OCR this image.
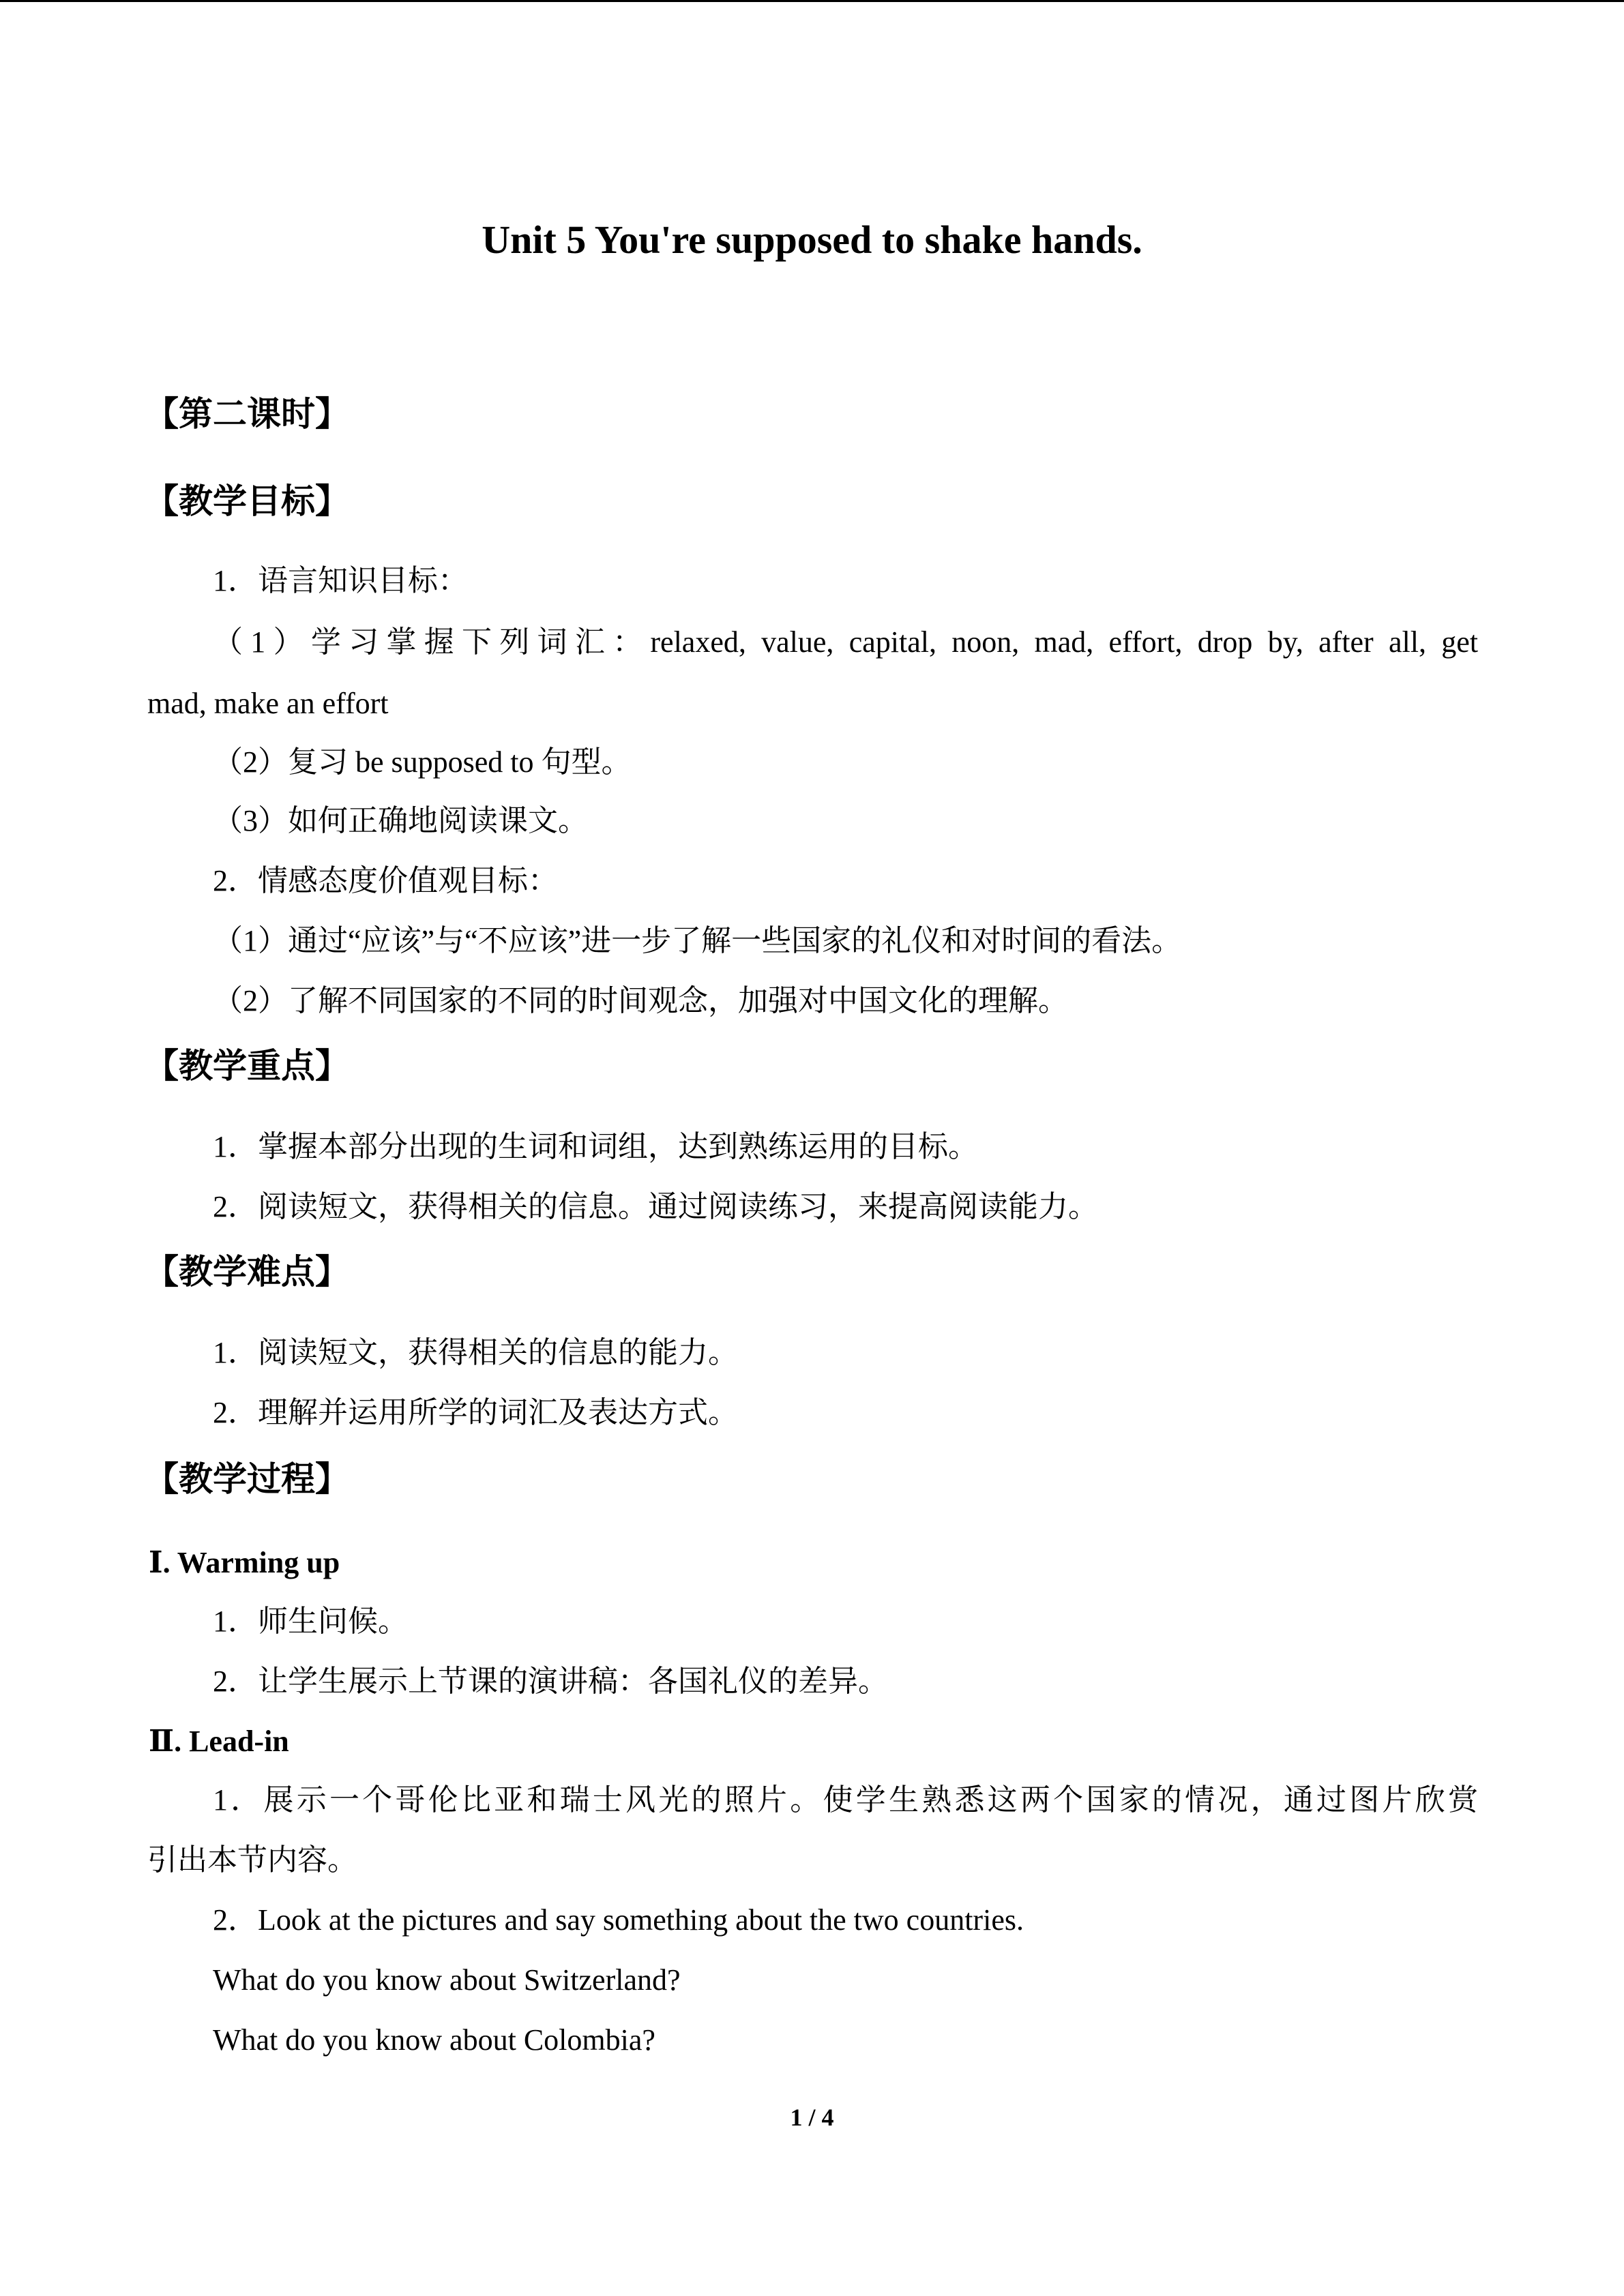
Unit 5 You're supposed to shake hands.
【第二课时】
【教学目标】
1．语言知识目标：
（1）学习掌握下列词汇：relaxed, value, capital, noon, mad, effort, drop by, after all, get
mad, make an effort
（2）复习 be supposed to 句型。
（3）如何正确地阅读课文。
2．情感态度价值观目标：
（1）通过“应该”与“不应该”进一步了解一些国家的礼仪和对时间的看法。
（2）了解不同国家的不同的时间观念，加强对中国文化的理解。
【教学重点】
1．掌握本部分出现的生词和词组，达到熟练运用的目标。
2．阅读短文，获得相关的信息。通过阅读练习，来提高阅读能力。
【教学难点】
1．阅读短文，获得相关的信息的能力。
2．理解并运用所学的词汇及表达方式。
【教学过程】
Ⅰ. Warming up
1．师生问候。
2．让学生展示上节课的演讲稿：各国礼仪的差异。
Ⅱ. Lead-in
1．展示一个哥伦比亚和瑞士风光的照片。使学生熟悉这两个国家的情况，通过图片欣赏
引出本节内容。
2．Look at the pictures and say something about the two countries.
What do you know about Switzerland?
What do you know about Colombia?
1 / 4
